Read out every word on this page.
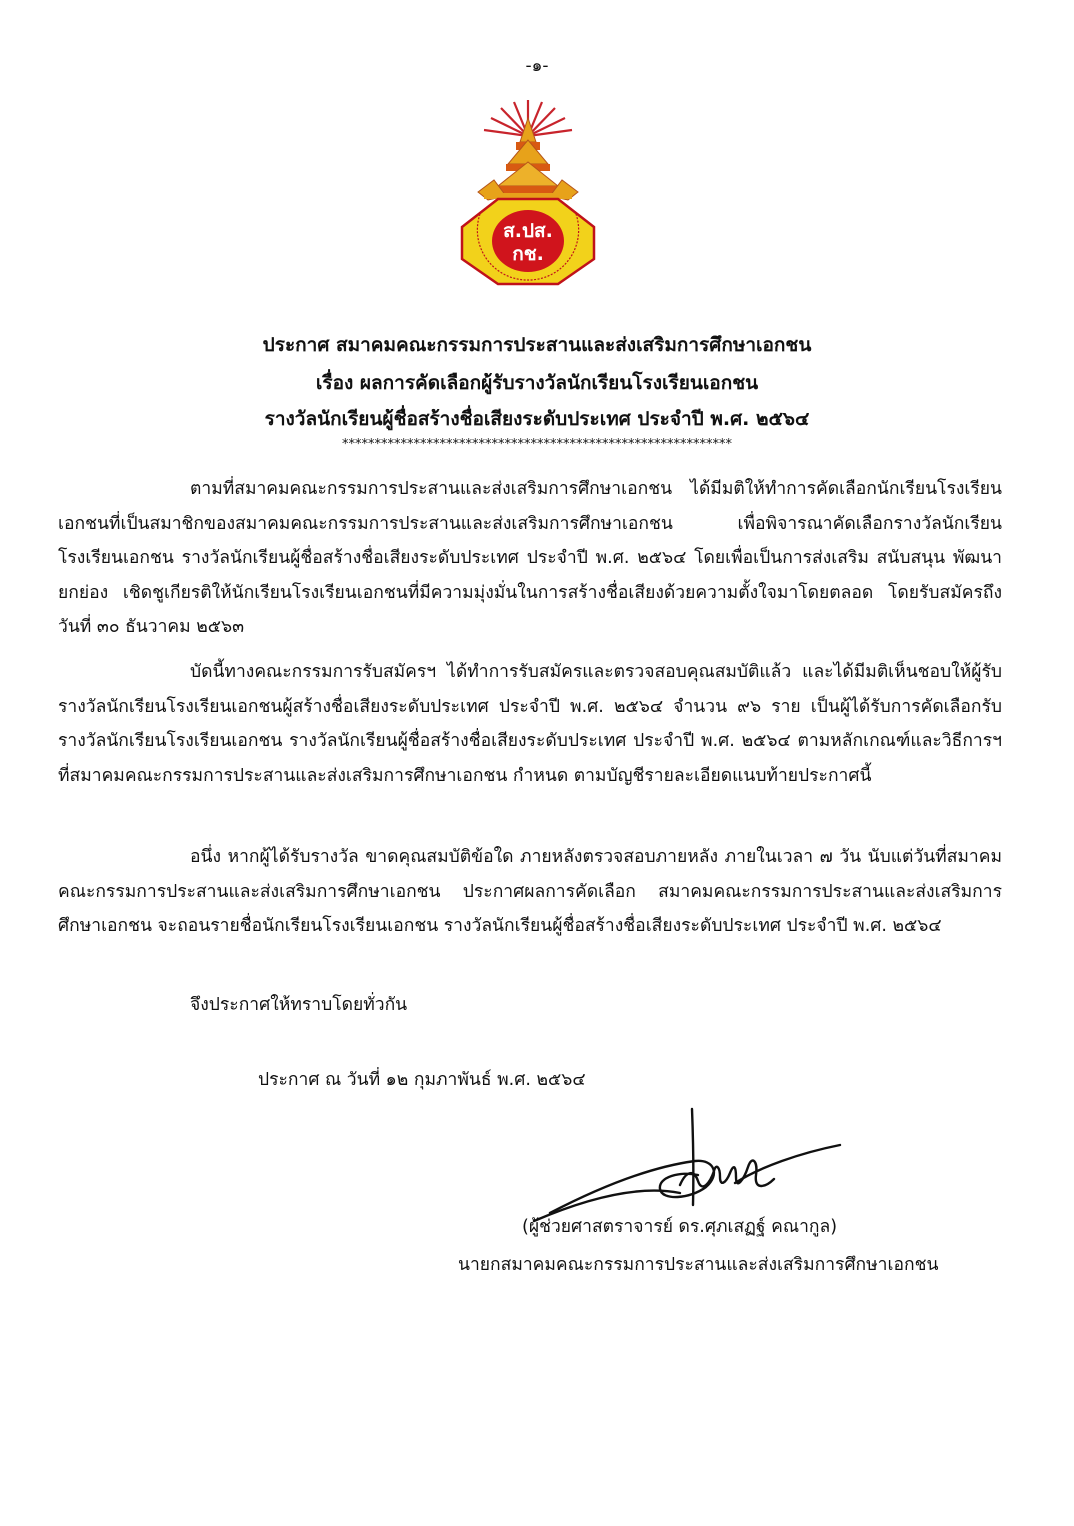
-๑-
ส.ปส.
กช.
ประกาศ สมาคมคณะกรรมการประสานและส่งเสริมการศึกษาเอกชน
เรื่อง ผลการคัดเลือกผู้รับรางวัลนักเรียนโรงเรียนเอกชน
รางวัลนักเรียนผู้ชื่อสร้างชื่อเสียงระดับประเทศ ประจำปี พ.ศ. ๒๕๖๔
************************************************************
ตามที่สมาคมคณะกรรมการประสานและส่งเสริมการศึกษาเอกชน ได้มีมติให้ทำการคัดเลือกนักเรียนโรงเรียนเอกชนที่เป็นสมาชิกของสมาคมคณะกรรมการประสานและส่งเสริมการศึกษาเอกชน เพื่อพิจารณาคัดเลือกรางวัลนักเรียนโรงเรียนเอกชน รางวัลนักเรียนผู้ชื่อสร้างชื่อเสียงระดับประเทศ ประจำปี พ.ศ. ๒๕๖๔ โดยเพื่อเป็นการส่งเสริม สนับสนุน พัฒนา ยกย่อง เชิดชูเกียรติให้นักเรียนโรงเรียนเอกชนที่มีความมุ่งมั่นในการสร้างชื่อเสียงด้วยความตั้งใจมาโดยตลอด โดยรับสมัครถึงวันที่ ๓๐ ธันวาคม ๒๕๖๓
บัดนี้ทางคณะกรรมการรับสมัครฯ ได้ทำการรับสมัครและตรวจสอบคุณสมบัติแล้ว และได้มีมติเห็นชอบให้ผู้รับรางวัลนักเรียนโรงเรียนเอกชนผู้สร้างชื่อเสียงระดับประเทศ ประจำปี พ.ศ. ๒๕๖๔ จำนวน ๙๖ ราย เป็นผู้ได้รับการคัดเลือกรับรางวัลนักเรียนโรงเรียนเอกชน รางวัลนักเรียนผู้ชื่อสร้างชื่อเสียงระดับประเทศ ประจำปี พ.ศ. ๒๕๖๔ ตามหลักเกณฑ์และวิธีการฯ ที่สมาคมคณะกรรมการประสานและส่งเสริมการศึกษาเอกชน กำหนด ตามบัญชีรายละเอียดแนบท้ายประกาศนี้
อนึ่ง หากผู้ได้รับรางวัล ขาดคุณสมบัติข้อใด ภายหลังตรวจสอบภายหลัง ภายในเวลา ๗ วัน นับแต่วันที่สมาคมคณะกรรมการประสานและส่งเสริมการศึกษาเอกชน ประกาศผลการคัดเลือก สมาคมคณะกรรมการประสานและส่งเสริมการศึกษาเอกชน จะถอนรายชื่อนักเรียนโรงเรียนเอกชน รางวัลนักเรียนผู้ชื่อสร้างชื่อเสียงระดับประเทศ ประจำปี พ.ศ. ๒๕๖๔
จึงประกาศให้ทราบโดยทั่วกัน
ประกาศ ณ วันที่ ๑๒ กุมภาพันธ์ พ.ศ. ๒๕๖๔
(ผู้ช่วยศาสตราจารย์ ดร.ศุภเสฏฐ์ คณากูล)
นายกสมาคมคณะกรรมการประสานและส่งเสริมการศึกษาเอกชน
